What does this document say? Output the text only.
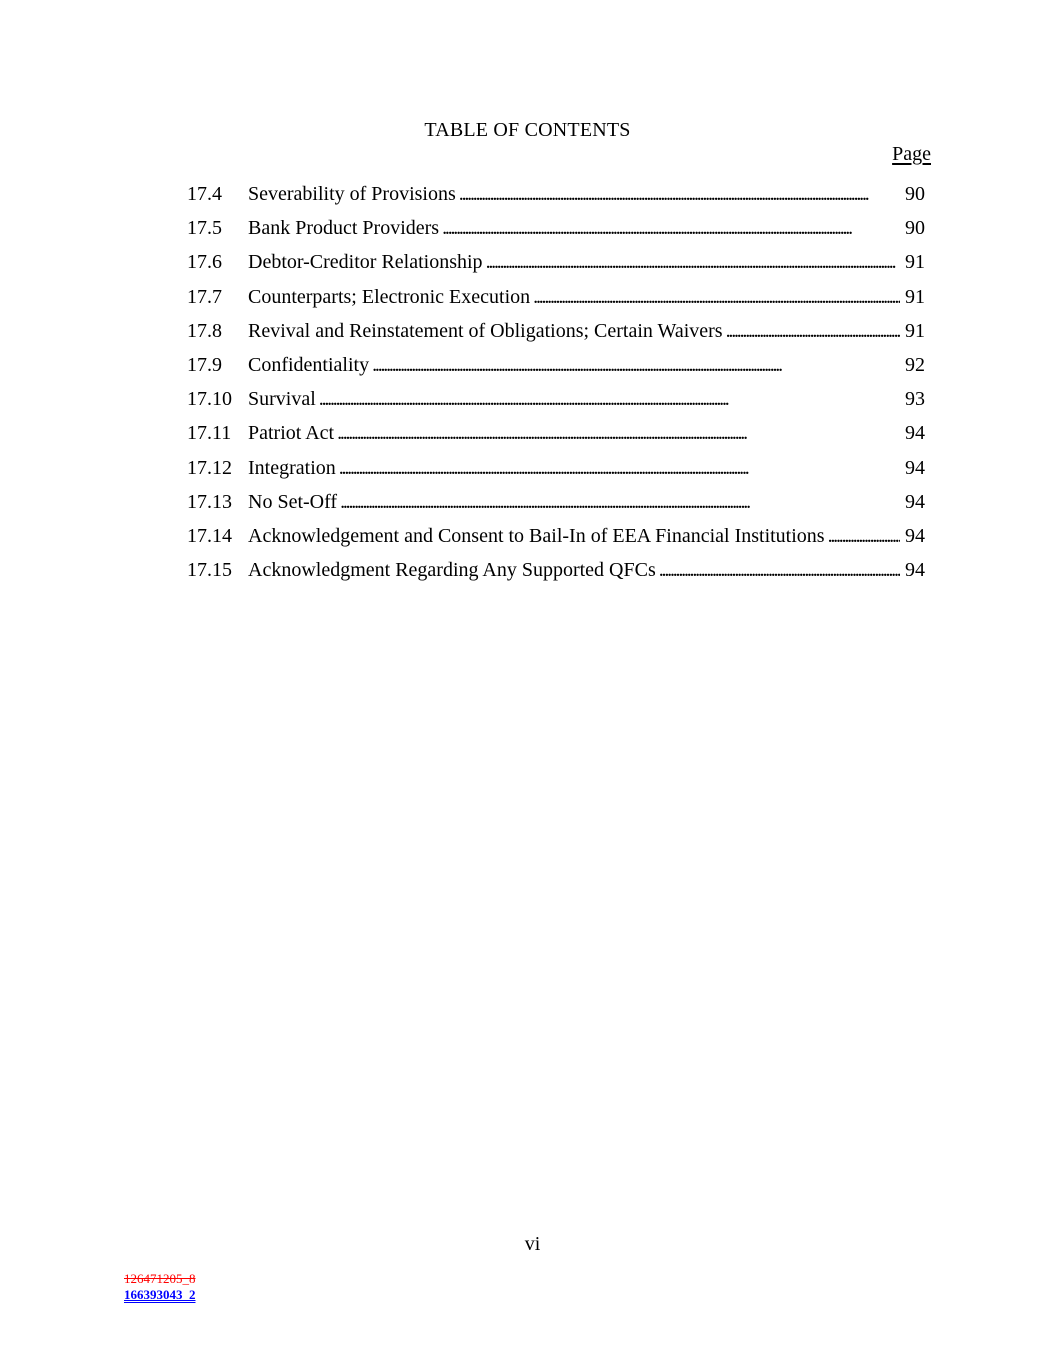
TABLE OF CONTENTS
Page
17.4	Severability of Provisions . . .	90
17.5	Bank Product Providers . . .	90
17.6	Debtor-Creditor Relationship . . .	91
17.7	Counterparts; Electronic Execution . . .	91
17.8	Revival and Reinstatement of Obligations; Certain Waivers . . .	91
17.9	Confidentiality . . .	92
17.10 Survival . . .	93
17.11 Patriot Act . . .	94
17.12 Integration . . .	94
17.13 No Set-Off . . .	94
17.14 Acknowledgement and Consent to Bail-In of EEA Financial Institutions . . .	94
17.15 Acknowledgment Regarding Any Supported QFCs . . .	94
vi
126471205_8
166393043_2
